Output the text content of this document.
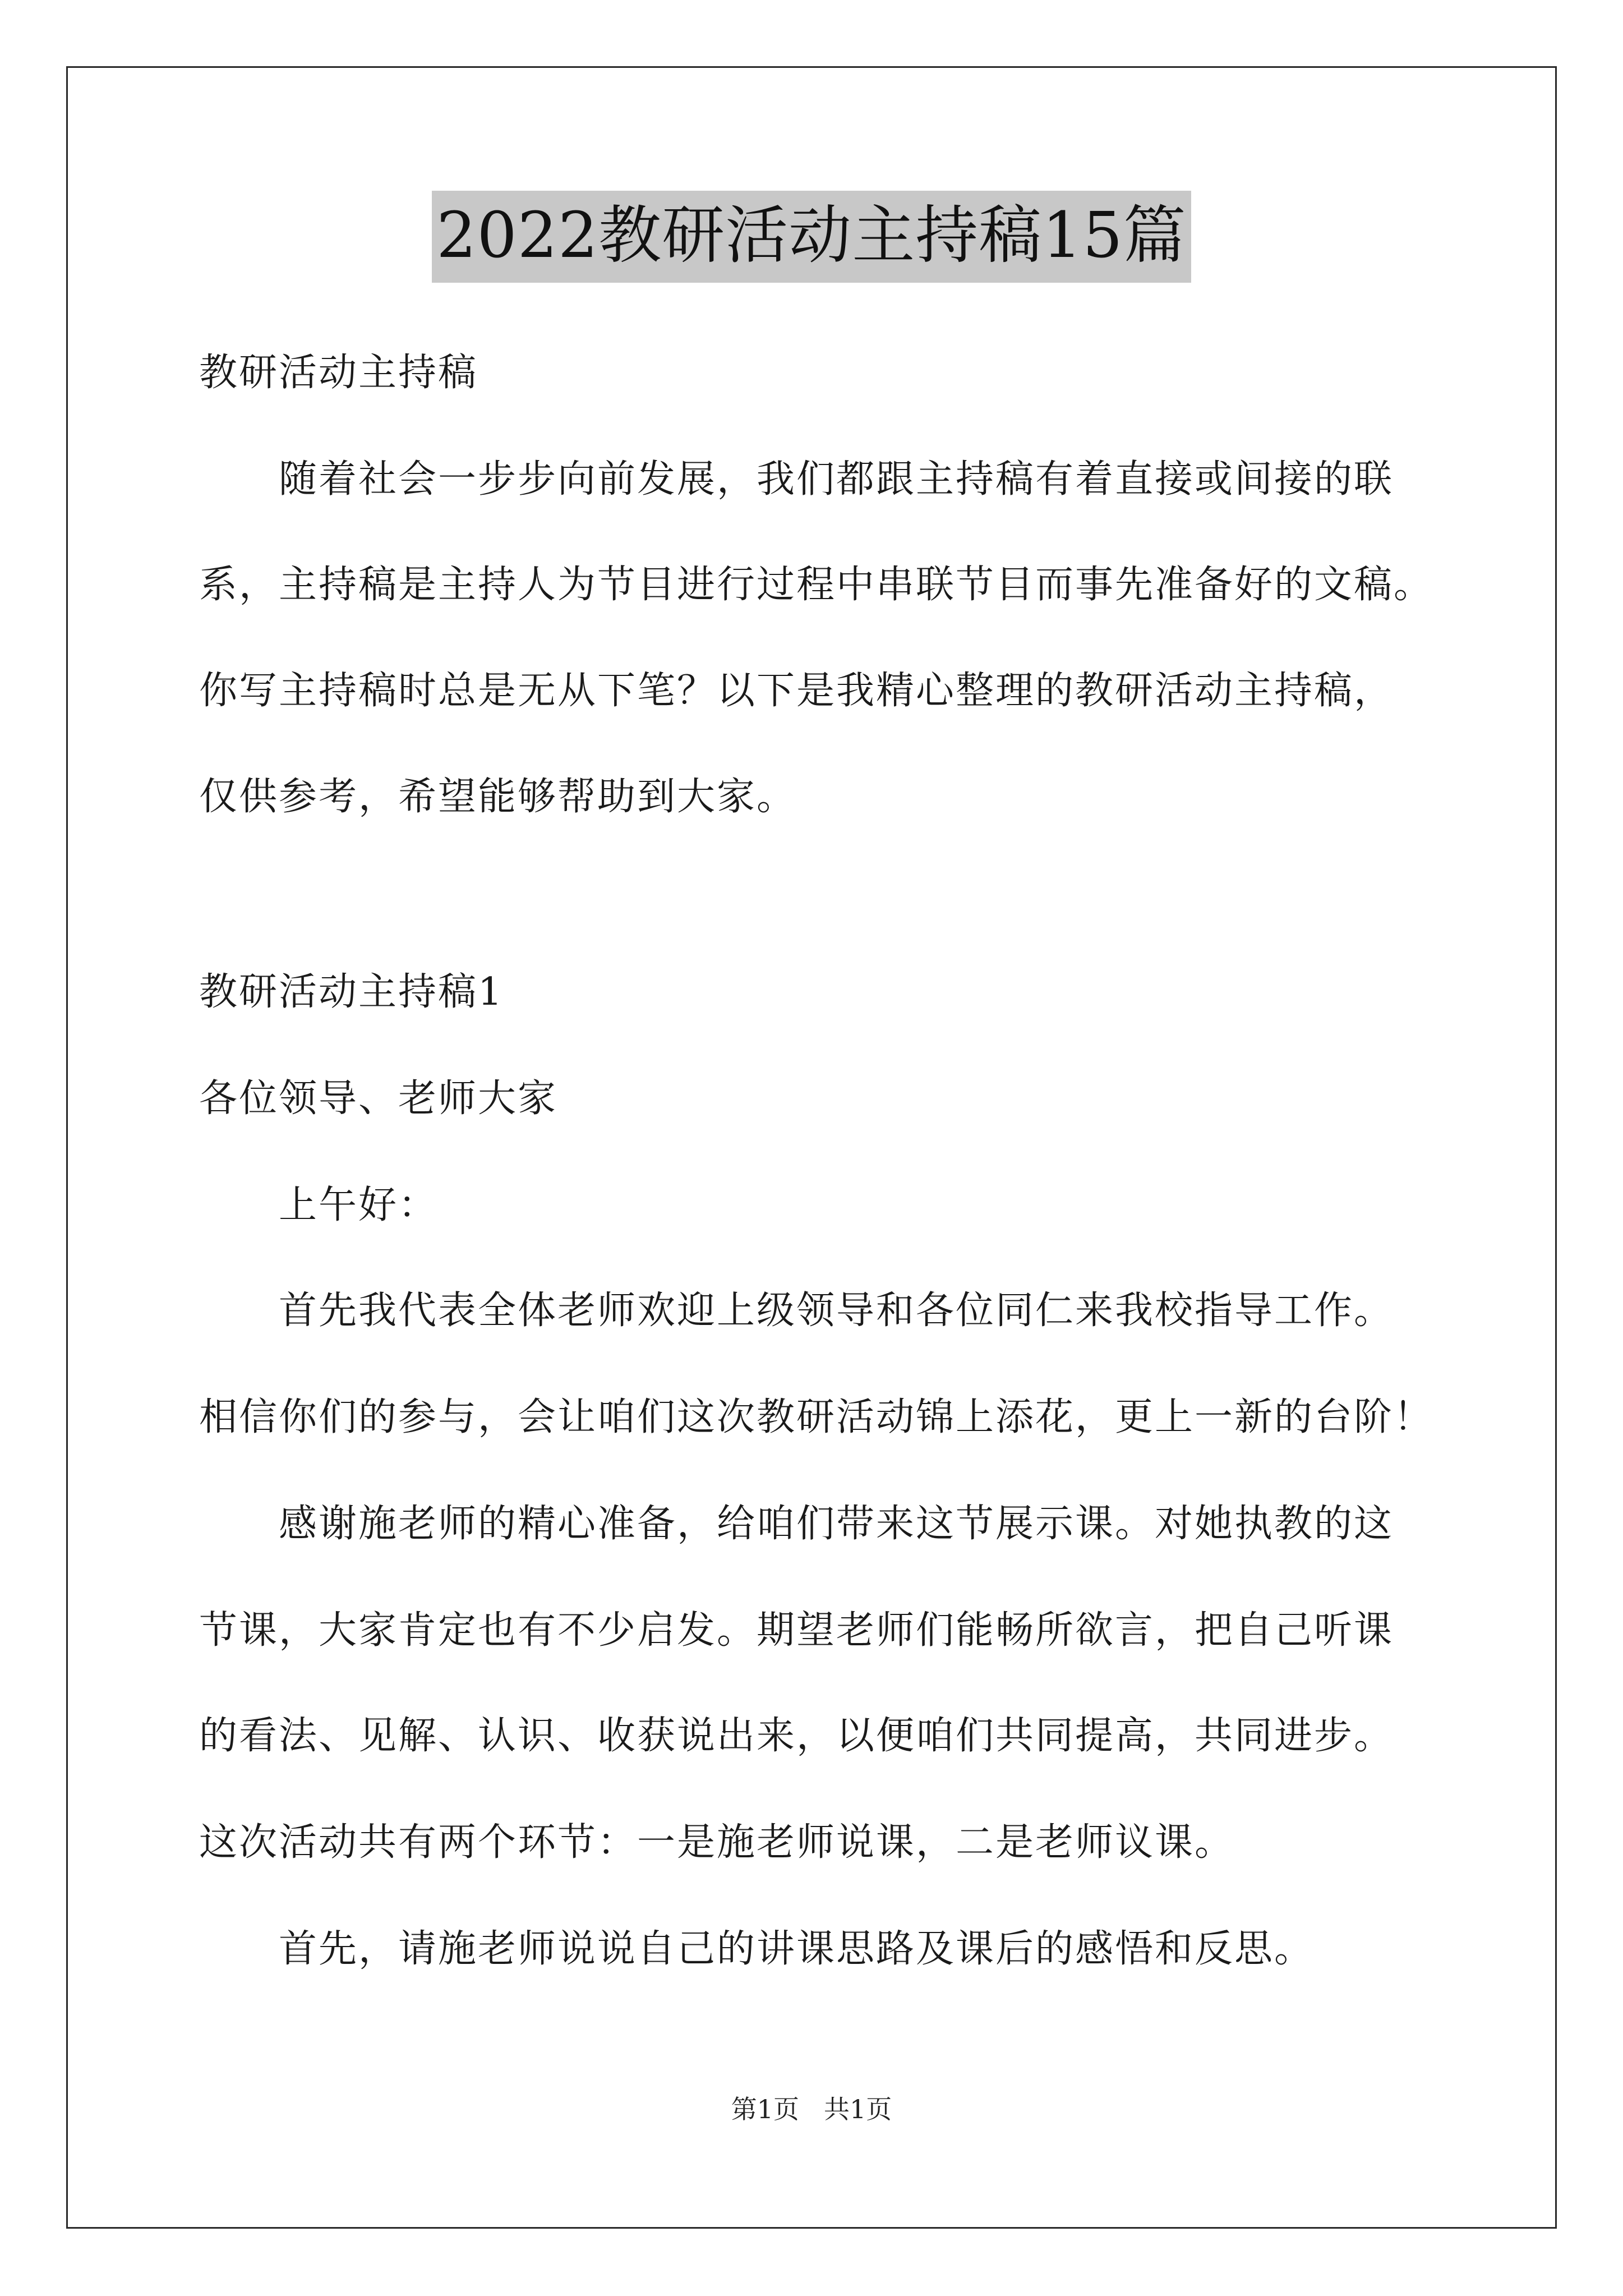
2022教研活动主持稿15篇

教研活动主持稿

　　随着社会一步步向前发展，我们都跟主持稿有着直接或间接的联

系，主持稿是主持人为节目进行过程中串联节目而事先准备好的文稿。

你写主持稿时总是无从下笔？以下是我精心整理的教研活动主持稿，

仅供参考，希望能够帮助到大家。

教研活动主持稿1

各位领导、老师大家

　　上午好：

　　首先我代表全体老师欢迎上级领导和各位同仁来我校指导工作。

相信你们的参与，会让咱们这次教研活动锦上添花，更上一新的台阶！

　　感谢施老师的精心准备，给咱们带来这节展示课。对她执教的这

节课，大家肯定也有不少启发。期望老师们能畅所欲言，把自己听课

的看法、见解、认识、收获说出来，以便咱们共同提高，共同进步。

这次活动共有两个环节：一是施老师说课，二是老师议课。

　　首先，请施老师说说自己的讲课思路及课后的感悟和反思。

第1页 共1页
